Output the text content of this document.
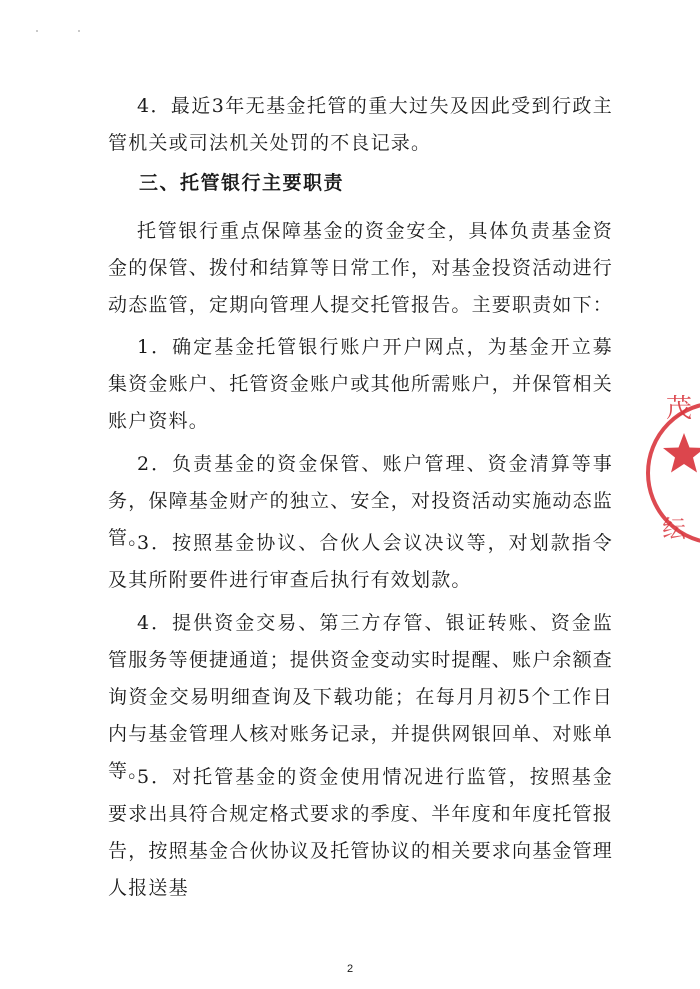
4．最近3年无基金托管的重大过失及因此受到行政主管机关或司法机关处罚的不良记录。

三、托管银行主要职责

托管银行重点保障基金的资金安全，具体负责基金资金的保管、拨付和结算等日常工作，对基金投资活动进行动态监管，定期向管理人提交托管报告。主要职责如下：

1．确定基金托管银行账户开户网点，为基金开立募集资金账户、托管资金账户或其他所需账户，并保管相关账户资料。

2．负责基金的资金保管、账户管理、资金清算等事务，保障基金财产的独立、安全，对投资活动实施动态监管。

3．按照基金协议、合伙人会议决议等，对划款指令及其所附要件进行审查后执行有效划款。

4．提供资金交易、第三方存管、银证转账、资金监管服务等便捷通道；提供资金变动实时提醒、账户余额查询资金交易明细查询及下载功能；在每月月初5个工作日内与基金管理人核对账务记录，并提供网银回单、对账单等。

5．对托管基金的资金使用情况进行监管，按照基金要求出具符合规定格式要求的季度、半年度和年度托管报告，按照基金合伙协议及托管协议的相关要求向基金管理人报送基

2
茂
纭
